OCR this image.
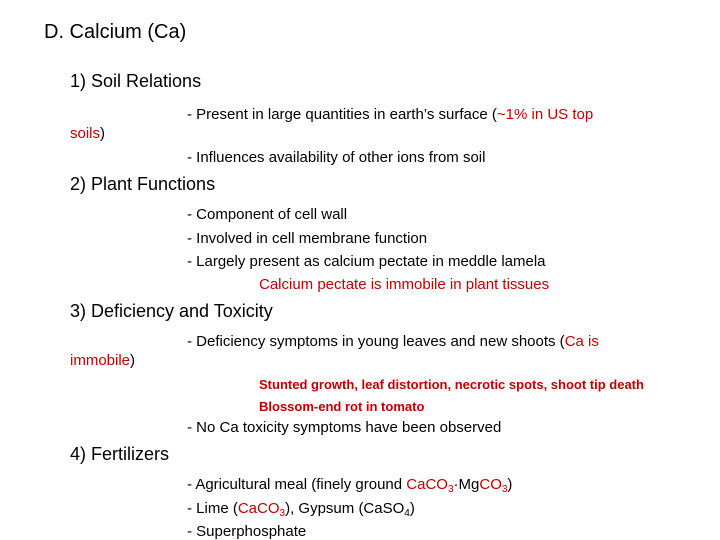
D. Calcium (Ca)
1) Soil Relations
- Present in large quantities in earth’s surface (~1% in US top
soils)
- Influences availability of other ions from soil
2) Plant Functions
- Component of cell wall
- Involved in cell membrane function
- Largely present as calcium pectate in meddle lamela
Calcium pectate is immobile in plant tissues
3) Deficiency and Toxicity
- Deficiency symptoms in young leaves and new shoots (Ca is
immobile)
Stunted growth, leaf distortion, necrotic spots, shoot tip death
Blossom-end rot in tomato
- No Ca toxicity symptoms have been observed
4) Fertilizers
- Agricultural meal (finely ground CaCO$_3$·MgCO$_3$)
- Lime (CaCO$_3$), Gypsum (CaSO$_4$)
- Superphosphate
